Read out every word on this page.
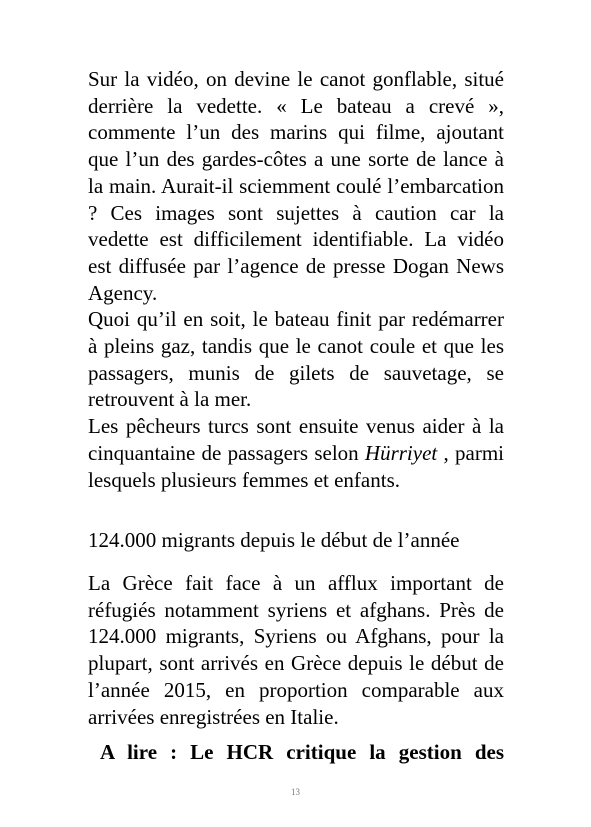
Sur la vidéo, on devine le canot gonflable, situé derrière la vedette. « Le bateau a crevé », commente l’un des marins qui filme, ajoutant que l’un des gardes-côtes a une sorte de lance à la main. Aurait-il sciemment coulé l’embarcation ? Ces images sont sujettes à caution car la vedette est difficilement identifiable. La vidéo est diffusée par l’agence de presse Dogan News Agency.

Quoi qu’il en soit, le bateau finit par redémarrer à pleins gaz, tandis que le canot coule et que les passagers, munis de gilets de sauvetage, se retrouvent à la mer.

Les pêcheurs turcs sont ensuite venus aider à la cinquantaine de passagers selon Hürriyet , parmi lesquels plusieurs femmes et enfants.

124.000 migrants depuis le début de l’année

La Grèce fait face à un afflux important de réfugiés notamment syriens et afghans. Près de 124.000 migrants, Syriens ou Afghans, pour la plupart, sont arrivés en Grèce depuis le début de l’année 2015, en proportion comparable aux arrivées enregistrées en Italie.

A lire : Le HCR critique la gestion des

13
